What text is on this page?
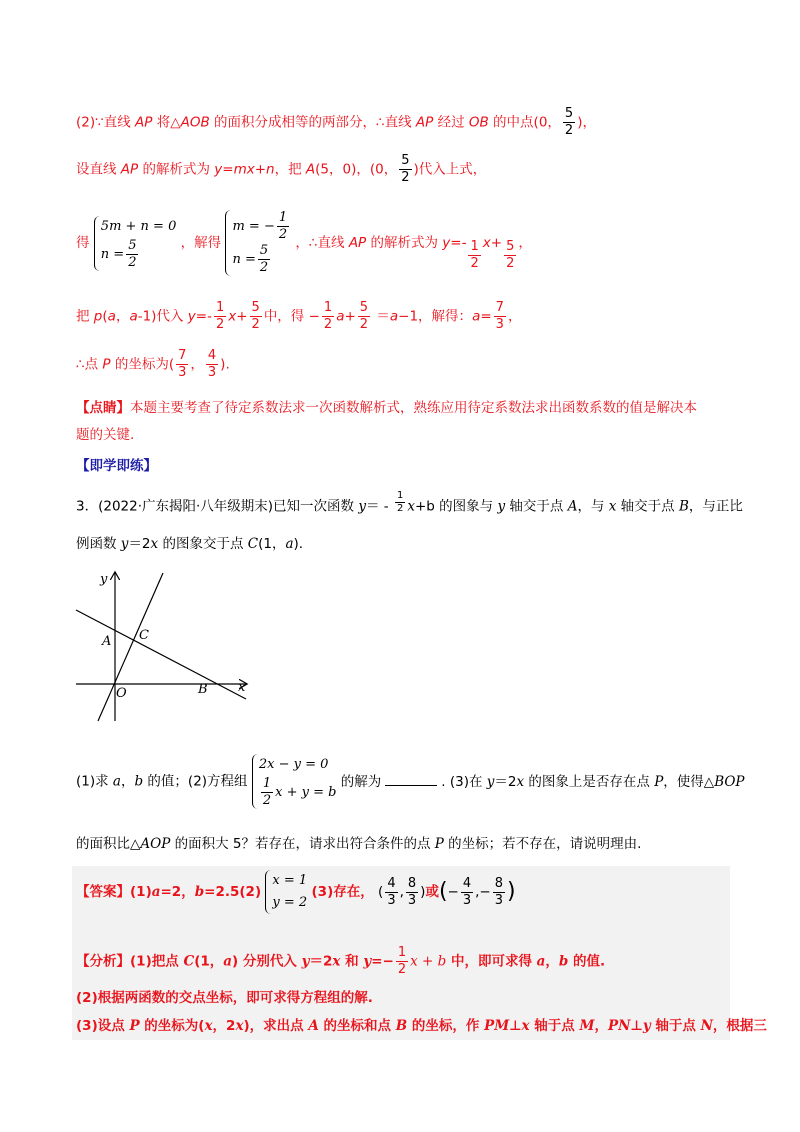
(2)∵直线 AP 将△AOB 的面积分成相等的两部分，∴直线 AP 经过 OB 的中点(0， $\frac{5}{2}$ )，
设直线 AP 的解析式为 y=mx+n，把 A(5，0)，(0， $\frac{5}{2}$ )代入上式，
得
5m + n = 0
$n = \frac{5}{2}$	，解得
m = − $\frac{1}{2}$
$n = \frac{5}{2}$ ，∴直线 AP 的解析式为 $y=- \frac{1}{2} x+ \frac{5}{2}$ ，
把 p(a，a-1)代入 $y=- \frac{1}{2} x+ \frac{5}{2}$ 中，得 − $\frac{1}{2} a+ \frac{5}{2} =a-1$，解得：$a= \frac{7}{3}$ ，
∴点 P 的坐标为( $\frac{7}{3}$ ， $\frac{4}{3}$ ).
【点睛】本题主要考查了待定系数法求一次函数解析式，熟练应用待定系数法求出函数系数的值是解决本
题的关键.
【即学即练】
3．(2022·广东揭阳·八年级期末)已知一次函数 $y= - \frac{1}{2} x+b$ 的图象与 y 轴交于点 A，与 x 轴交于点 B，与正比
例函数 y＝2x 的图象交于点 C(1，a).
y
x
A C
O	B
(1)求 a，b 的值；(2)方程组
2x − y = 0
$\frac{1}{2}$ x + y = b
的解为	. (3)在 y＝2x 的图象上是否存在点 P，使得△BOP
的面积比△AOP 的面积大 5？若存在，请求出符合条件的点 P 的坐标；若不存在，请说明理由.
【答案】(1)a=2，b=2.5(2)
x = 1
y = 2
(3)存在， ( $\frac{4}{3}$ , $\frac{8}{3}$ )或(− $\frac{4}{3}$ ,− $\frac{8}{3}$ )
【分析】(1)把点 C(1，a) 分别代入 y＝2x 和 $y=- \frac{1}{2}$ x + b 中，即可求得 a，b 的值.
(2)根据两函数的交点坐标，即可求得方程组的解.
(3)设点 P 的坐标为(x，2x)，求出点 A 的坐标和点 B 的坐标，作 PM⊥x 轴于点 M，PN⊥y 轴于点 N，根据三
